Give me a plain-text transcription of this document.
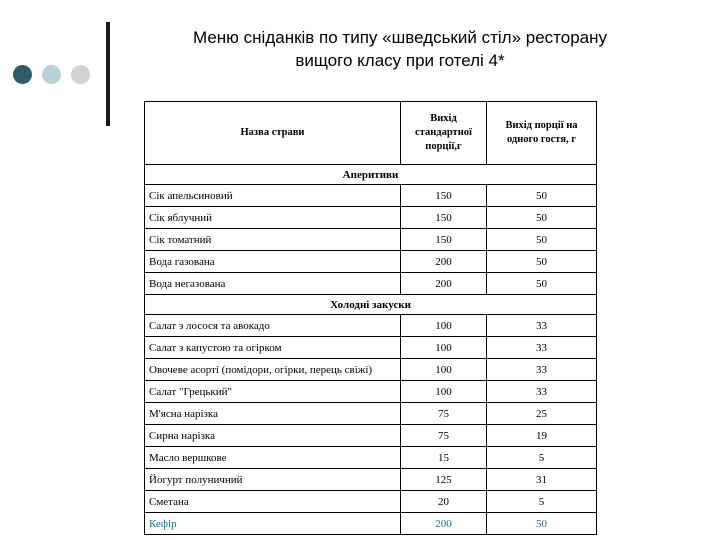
Меню сніданків по типу «шведський стіл» ресторану
вищого класу при готелі 4*
Назва страви	Вихід стандартної порції,г	Вихід порції на одного гостя, г
Аперитиви		
Сік апельсиновий	150	50
Сік яблучний	150	50
Сік томатний	150	50
Вода газована	200	50
Вода негазована	200	50
Холодні закуски		
Салат з лосося та авокадо	100	33
Салат з капустою та огірком	100	33
Овочеве асорті (помідори, огірки, перець свіжі)	100	33
Салат "Грецький"	100	33
М'ясна нарізка	75	25
Сирна нарізка	75	19
Масло вершкове	15	5
Йогурт полуничний	125	31
Сметана	20	5
Кефір	200	50
